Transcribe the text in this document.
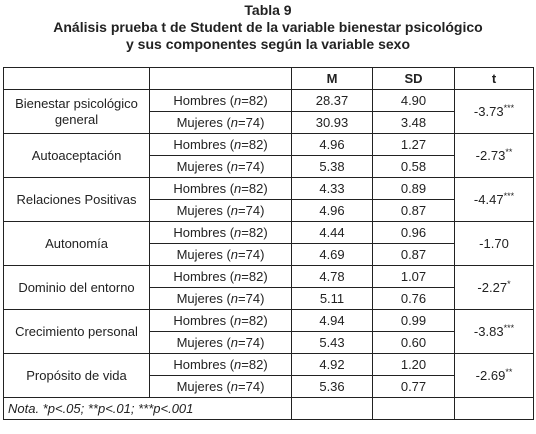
Tabla 9
Análisis prueba t de Student de la variable bienestar psicológico
y sus componentes según la variable sexo
		M	SD	t
Bienestar psicológico general	Hombres (n=82)	28.37	4.90	-3.73***
	Mujeres (n=74)	30.93	3.48	
Autoaceptación	Hombres (n=82)	4.96	1.27	-2.73**
	Mujeres (n=74)	5.38	0.58	
Relaciones Positivas	Hombres (n=82)	4.33	0.89	-4.47***
	Mujeres (n=74)	4.96	0.87	
Autonomía	Hombres (n=82)	4.44	0.96	-1.70
	Mujeres (n=74)	4.69	0.87	
Dominio del entorno	Hombres (n=82)	4.78	1.07	-2.27*
	Mujeres (n=74)	5.11	0.76	
Crecimiento personal	Hombres (n=82)	4.94	0.99	-3.83***
	Mujeres (n=74)	5.43	0.60	
Propósito de vida	Hombres (n=82)	4.92	1.20	-2.69**
	Mujeres (n=74)	5.36	0.77	
Nota. *p<.05; **p<.01; ***p<.001				
